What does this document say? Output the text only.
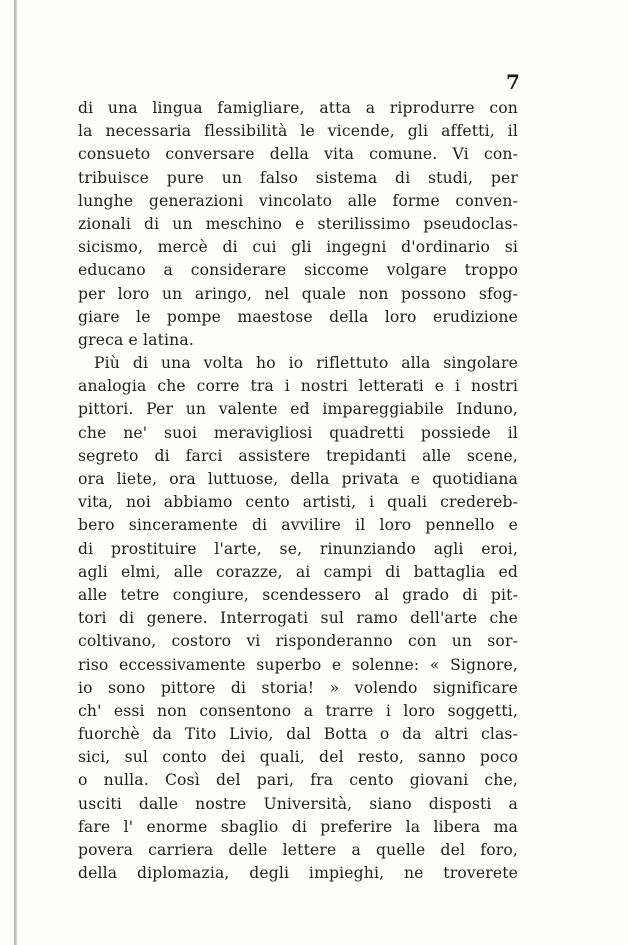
7
di una lingua famigliare, atta a riprodurre con
la necessaria flessibilità le vicende, gli affetti, il
consueto conversare della vita comune. Vi con-
tribuisce pure un falso sistema di studi, per
lunghe generazioni vincolato alle forme conven-
zionali di un meschino e sterilissimo pseudoclas-
sicismo, mercè di cui gli ingegni d'ordinario si
educano a considerare siccome volgare troppo
per loro un aringo, nel quale non possono sfog-
giare le pompe maestose della loro erudizione
greca e latina.
Più di una volta ho io riflettuto alla singolare
analogia che corre tra i nostri letterati e i nostri
pittori. Per un valente ed impareggiabile Induno,
che ne' suoi meravigliosi quadretti possiede il
segreto di farci assistere trepidanti alle scene,
ora liete, ora luttuose, della privata e quotidiana
vita, noi abbiamo cento artisti, i quali credereb-
bero sinceramente di avvilire il loro pennello e
di prostituire l'arte, se, rinunziando agli eroi,
agli elmi, alle corazze, ai campi di battaglia ed
alle tetre congiure, scendessero al grado di pit-
tori di genere. Interrogati sul ramo dell'arte che
coltivano, costoro vi risponderanno con un sor-
riso eccessivamente superbo e solenne: « Signore,
io sono pittore di storia! » volendo significare
ch' essi non consentono a trarre i loro soggetti,
fuorchè da Tito Livio, dal Botta o da altri clas-
sici, sul conto dei quali, del resto, sanno poco
o nulla. Così del pari, fra cento giovani che,
usciti dalle nostre Università, siano disposti a
fare l' enorme sbaglio di preferire la libera ma
povera carriera delle lettere a quelle del foro,
della diplomazia, degli impieghi, ne troverete
